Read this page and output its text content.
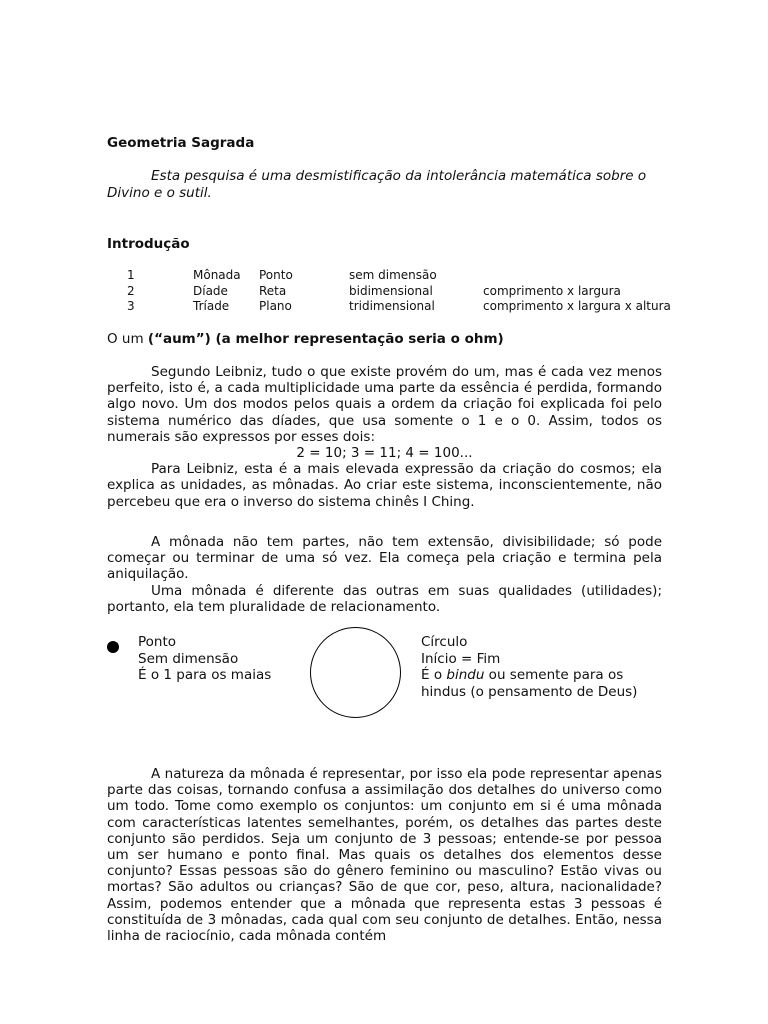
Geometria Sagrada
Esta pesquisa é uma desmistificação da intolerância matemática sobre o
Divino e o sutil.
Introdução
1	Mônada	Ponto	sem dimensão	
2	Díade	Reta	bidimensional	comprimento x largura
3	Tríade	Plano	tridimensional	comprimento x largura x altura
O um (“aum”) (a melhor representação seria o ohm)

Segundo Leibniz, tudo o que existe provém do um, mas é cada vez menos perfeito, isto é, a cada multiplicidade uma parte da essência é perdida, formando algo novo. Um dos modos pelos quais a ordem da criação foi explicada foi pelo sistema numérico das díades, que usa somente o 1 e o 0. Assim, todos os numerais são expressos por esses dois:

2 = 10; 3 = 11; 4 = 100...

Para Leibniz, esta é a mais elevada expressão da criação do cosmos; ela explica as unidades, as mônadas. Ao criar este sistema, inconscientemente, não percebeu que era o inverso do sistema chinês I Ching.

A mônada não tem partes, não tem extensão, divisibilidade; só pode começar ou terminar de uma só vez. Ela começa pela criação e termina pela aniquilação.

Uma mônada é diferente das outras em suas qualidades (utilidades); portanto, ela tem pluralidade de relacionamento.

Ponto
Sem dimensão
É o 1 para os maias
Círculo
Início = Fim
É o bindu ou semente para os hindus (o pensamento de Deus)

A natureza da mônada é representar, por isso ela pode representar apenas parte das coisas, tornando confusa a assimilação dos detalhes do universo como um todo. Tome como exemplo os conjuntos: um conjunto em si é uma mônada com características latentes semelhantes, porém, os detalhes das partes deste conjunto são perdidos. Seja um conjunto de 3 pessoas; entende-se por pessoa um ser humano e ponto final. Mas quais os detalhes dos elementos desse conjunto? Essas pessoas são do gênero feminino ou masculino? Estão vivas ou mortas? São adultos ou crianças? São de que cor, peso, altura, nacionalidade? Assim, podemos entender que a mônada que representa estas 3 pessoas é constituída de 3 mônadas, cada qual com seu conjunto de detalhes. Então, nessa linha de raciocínio, cada mônada contém
